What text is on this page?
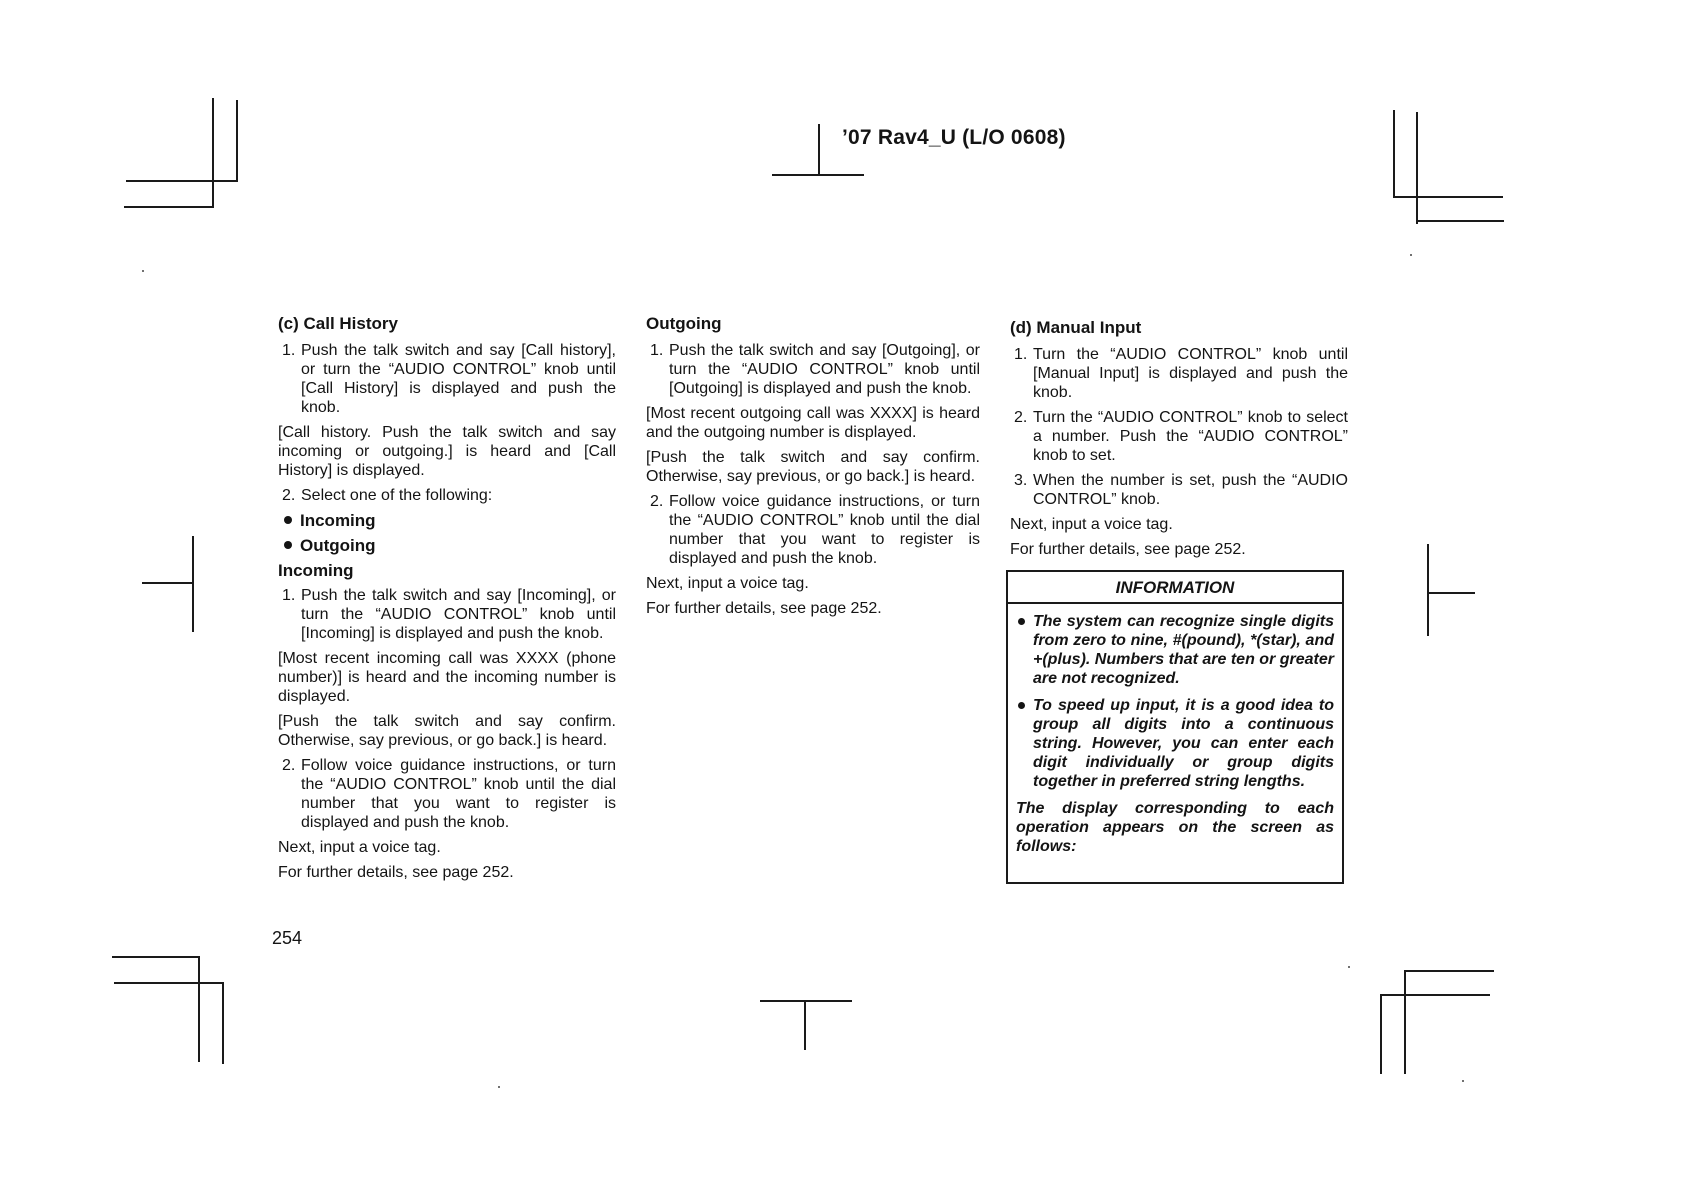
’07 Rav4_U (L/O 0608)

(c) Call History

1. Push the talk switch and say [Call history], or turn the “AUDIO CONTROL” knob until [Call History] is displayed and push the knob.

[Call history. Push the talk switch and say incoming or outgoing.] is heard and [Call History] is displayed.

2. Select one of the following:

Incoming

Outgoing

Incoming

1. Push the talk switch and say [Incoming], or turn the “AUDIO CONTROL” knob until [Incoming] is displayed and push the knob.

[Most recent incoming call was XXXX (phone number)] is heard and the incoming number is displayed.

[Push the talk switch and say confirm. Otherwise, say previous, or go back.] is heard.

2. Follow voice guidance instructions, or turn the “AUDIO CONTROL” knob until the dial number that you want to register is displayed and push the knob.

Next, input a voice tag.

For further details, see page 252.

254

Outgoing

1. Push the talk switch and say [Outgoing], or turn the “AUDIO CONTROL” knob until [Outgoing] is displayed and push the knob.

[Most recent outgoing call was XXXX] is heard and the outgoing number is displayed.

[Push the talk switch and say confirm. Otherwise, say previous, or go back.] is heard.

2. Follow voice guidance instructions, or turn the “AUDIO CONTROL” knob until the dial number that you want to register is displayed and push the knob.

Next, input a voice tag.

For further details, see page 252.

(d) Manual Input

1. Turn the “AUDIO CONTROL” knob until [Manual Input] is displayed and push the knob.
2. Turn the “AUDIO CONTROL” knob to select a number. Push the “AUDIO CONTROL” knob to set.
3. When the number is set, push the “AUDIO CONTROL” knob.

Next, input a voice tag.

For further details, see page 252.

INFORMATION
The system can recognize single digits from zero to nine, #(pound), *(star), and +(plus). Numbers that are ten or greater are not recognized.
To speed up input, it is a good idea to group all digits into a continuous string. However, you can enter each digit individually or group digits together in preferred string lengths.
The display corresponding to each operation appears on the screen as follows:
